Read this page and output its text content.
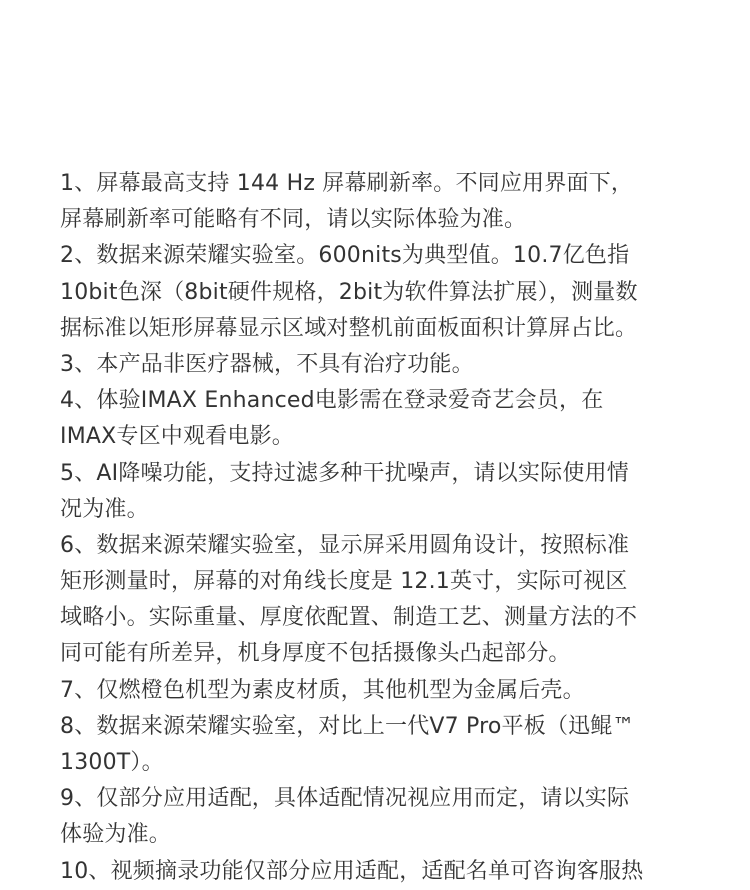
1、屏幕最高支持 144 Hz 屏幕刷新率。不同应用界面下，
屏幕刷新率可能略有不同，请以实际体验为准。
2、数据来源荣耀实验室。600nits为典型值。10.7亿色指
10bit色深（8bit硬件规格，2bit为软件算法扩展），测量数
据标准以矩形屏幕显示区域对整机前面板面积计算屏占比。
3、本产品非医疗器械，不具有治疗功能。
4、体验IMAX Enhanced电影需在登录爱奇艺会员，在
IMAX专区中观看电影。
5、AI降噪功能，支持过滤多种干扰噪声，请以实际使用情
况为准。
6、数据来源荣耀实验室，显示屏采用圆角设计，按照标准
矩形测量时，屏幕的对角线长度是 12.1英寸，实际可视区
域略小。实际重量、厚度依配置、制造工艺、测量方法的不
同可能有所差异，机身厚度不包括摄像头凸起部分。
7、仅燃橙色机型为素皮材质，其他机型为金属后壳。
8、数据来源荣耀实验室，对比上一代V7 Pro平板（迅鲲™
1300T）。
9、仅部分应用适配，具体适配情况视应用而定，请以实际
体验为准。
10、视频摘录功能仅部分应用适配，适配名单可咨询客服热
